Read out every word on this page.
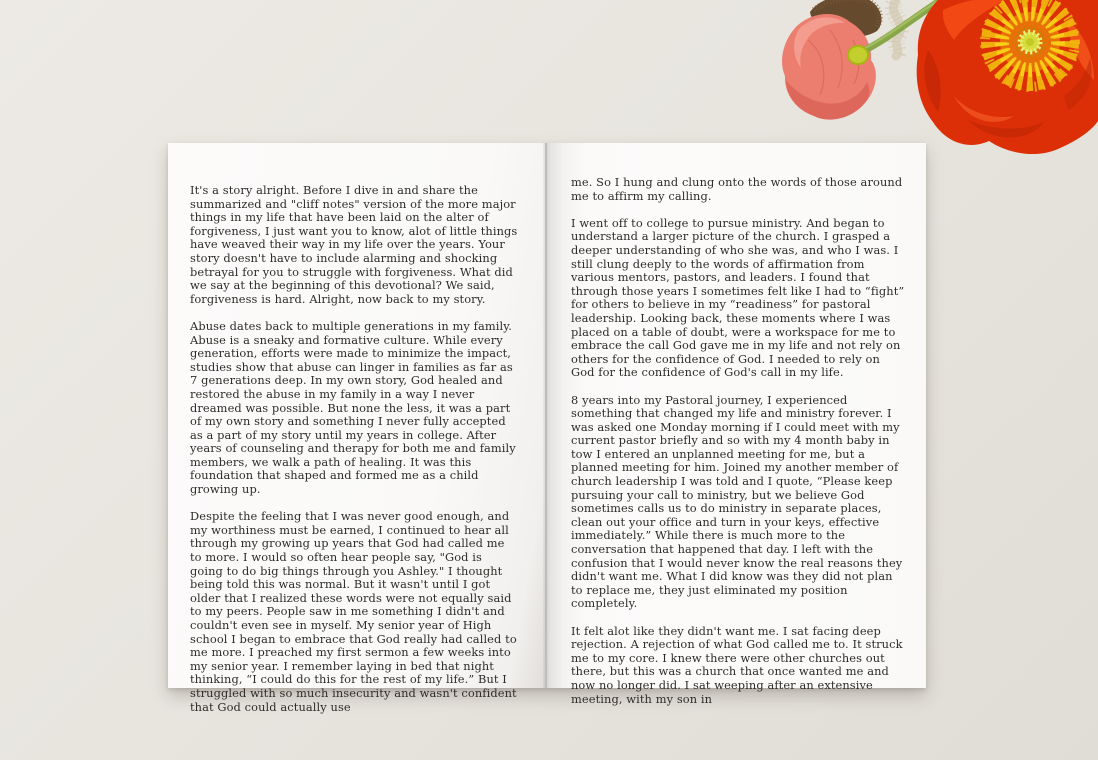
It's a story alright. Before I dive in and share the summarized and "cliff notes" version of the more major things in my life that have been laid on the alter of forgiveness, I just want you to know, alot of little things have weaved their way in my life over the years. Your story doesn't have to include alarming and shocking betrayal for you to struggle with forgiveness. What did we say at the beginning of this devotional? We said, forgiveness is hard. Alright, now back to my story.

Abuse dates back to multiple generations in my family. Abuse is a sneaky and formative culture. While every generation, efforts were made to minimize the impact, studies show that abuse can linger in families as far as 7 generations deep. In my own story, God healed and restored the abuse in my family in a way I never dreamed was possible. But none the less, it was a part of my own story and something I never fully accepted as a part of my story until my years in college. After years of counseling and therapy for both me and family members, we walk a path of healing. It was this foundation that shaped and formed me as a child growing up.

Despite the feeling that I was never good enough, and my worthiness must be earned, I continued to hear all through my growing up years that God had called me to more. I would so often hear people say, "God is going to do big things through you Ashley." I thought being told this was normal. But it wasn't until I got older that I realized these words were not equally said to my peers. People saw in me something I didn't and couldn't even see in myself. My senior year of High school I began to embrace that God really had called to me more. I preached my first sermon a few weeks into my senior year. I remember laying in bed that night thinking, “I could do this for the rest of my life.” But I struggled with so much insecurity and wasn't confident that God could actually use

me. So I hung and clung onto the words of those around me to affirm my calling.

I went off to college to pursue ministry. And began to understand a larger picture of the church. I grasped a deeper understanding of who she was, and who I was. I still clung deeply to the words of affirmation from various mentors, pastors, and leaders. I found that through those years I sometimes felt like I had to “fight” for others to believe in my “readiness” for pastoral leadership. Looking back, these moments where I was placed on a table of doubt, were a workspace for me to embrace the call God gave me in my life and not rely on others for the confidence of God. I needed to rely on God for the confidence of God's call in my life.

8 years into my Pastoral journey, I experienced something that changed my life and ministry forever. I was asked one Monday morning if I could meet with my current pastor briefly and so with my 4 month baby in tow I entered an unplanned meeting for me, but a planned meeting for him. Joined my another member of church leadership I was told and I quote, “Please keep pursuing your call to ministry, but we believe God sometimes calls us to do ministry in separate places, clean out your office and turn in your keys, effective immediately.” While there is much more to the conversation that happened that day. I left with the confusion that I would never know the real reasons they didn't want me. What I did know was they did not plan to replace me, they just eliminated my position completely.

It felt alot like they didn't want me. I sat facing deep rejection. A rejection of what God called me to. It struck me to my core. I knew there were other churches out there, but this was a church that once wanted me and now no longer did. I sat weeping after an extensive meeting, with my son in
